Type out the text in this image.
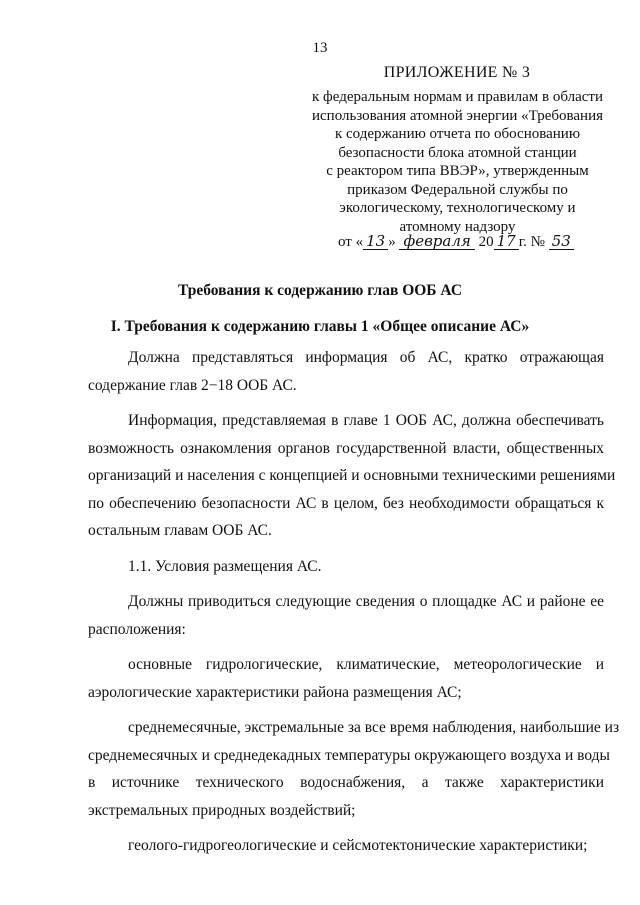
13
ПРИЛОЖЕНИЕ № 3
к федеральным нормам и правилам в области
использования атомной энергии «Требования
к содержанию отчета по обоснованию
безопасности блока атомной станции
с реактором типа ВВЭР», утвержденным
приказом Федеральной службы по
экологическому, технологическому и
атомному надзору
от « 13 » февраля 20 17 г. № 53
Требования к содержанию глав ООБ АС
I. Требования к содержанию главы 1 «Общее описание АС»

Должна представляться информация об АС, кратко отражающая
содержание глав 2−18 ООБ АС.

Информация, представляемая в главе 1 ООБ АС, должна обеспечивать
возможность ознакомления органов государственной власти, общественных
организаций и населения с концепцией и основными техническими решениями
по обеспечению безопасности АС в целом, без необходимости обращаться к
остальным главам ООБ АС.

1.1. Условия размещения АС.

Должны приводиться следующие сведения о площадке АС и районе ее
расположения:

основные гидрологические, климатические, метеорологические и
аэрологические характеристики района размещения АС;

среднемесячные, экстремальные за все время наблюдения, наибольшие из
среднемесячных и среднедекадных температуры окружающего воздуха и воды
в источнике технического водоснабжения, а также характеристики
экстремальных природных воздействий;

геолого-гидрогеологические и сейсмотектонические характеристики;
